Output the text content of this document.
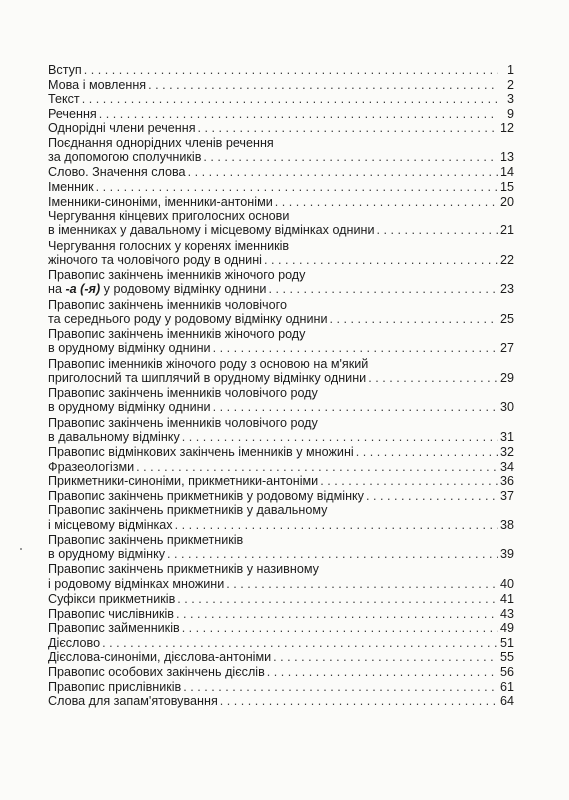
Вступ . . .	1
Мова і мовлення . . .	2
Текст . . .	3
Речення . . .	9
Однорідні члени речення . . .	12
Поєднання однорідних членів речення
за допомогою сполучників . . .	13
Слово. Значення слова . . .	14
Іменник . . .	15
Іменники-синоніми, іменники-антоніми . . .	20
Чергування кінцевих приголосних основи
в іменниках у давальному і місцевому відмінках однини . . .	21
Чергування голосних у коренях іменників
жіночого та чоловічого роду в однині . . .	22
Правопис закінчень іменників жіночого роду
на -а (-я) у родовому відмінку однини . . .	23
Правопис закінчень іменників чоловічого
та середнього роду у родовому відмінку однини . . .	25
Правопис закінчень іменників жіночого роду
в орудному відмінку однини . . .	27
Правопис іменників жіночого роду з основою на м'який
приголосний та шиплячий в орудному відмінку однини . . .	29
Правопис закінчень іменників чоловічого роду
в орудному відмінку однини . . .	30
Правопис закінчень іменників чоловічого роду
в давальному відмінку . . .	31
Правопис відмінкових закінчень іменників у множині . . .	32
Фразеологізми . . .	34
Прикметники-синоніми, прикметники-антоніми . . .	36
Правопис закінчень прикметників у родовому відмінку . . .	37
Правопис закінчень прикметників у давальному
і місцевому відмінках . . .	38
Правопис закінчень прикметників
в орудному відмінку . . .	39
Правопис закінчень прикметників у називному
і родовому відмінках множини . . .	40
Суфікси прикметників . . .	41
Правопис числівників . . .	43
Правопис займенників . . .	49
Дієслово . . .	51
Дієслова-синоніми, дієслова-антоніми . . .	55
Правопис особових закінчень дієслів . . .	56
Правопис прислівників . . .	61
Слова для запам'ятовування . . .	64
